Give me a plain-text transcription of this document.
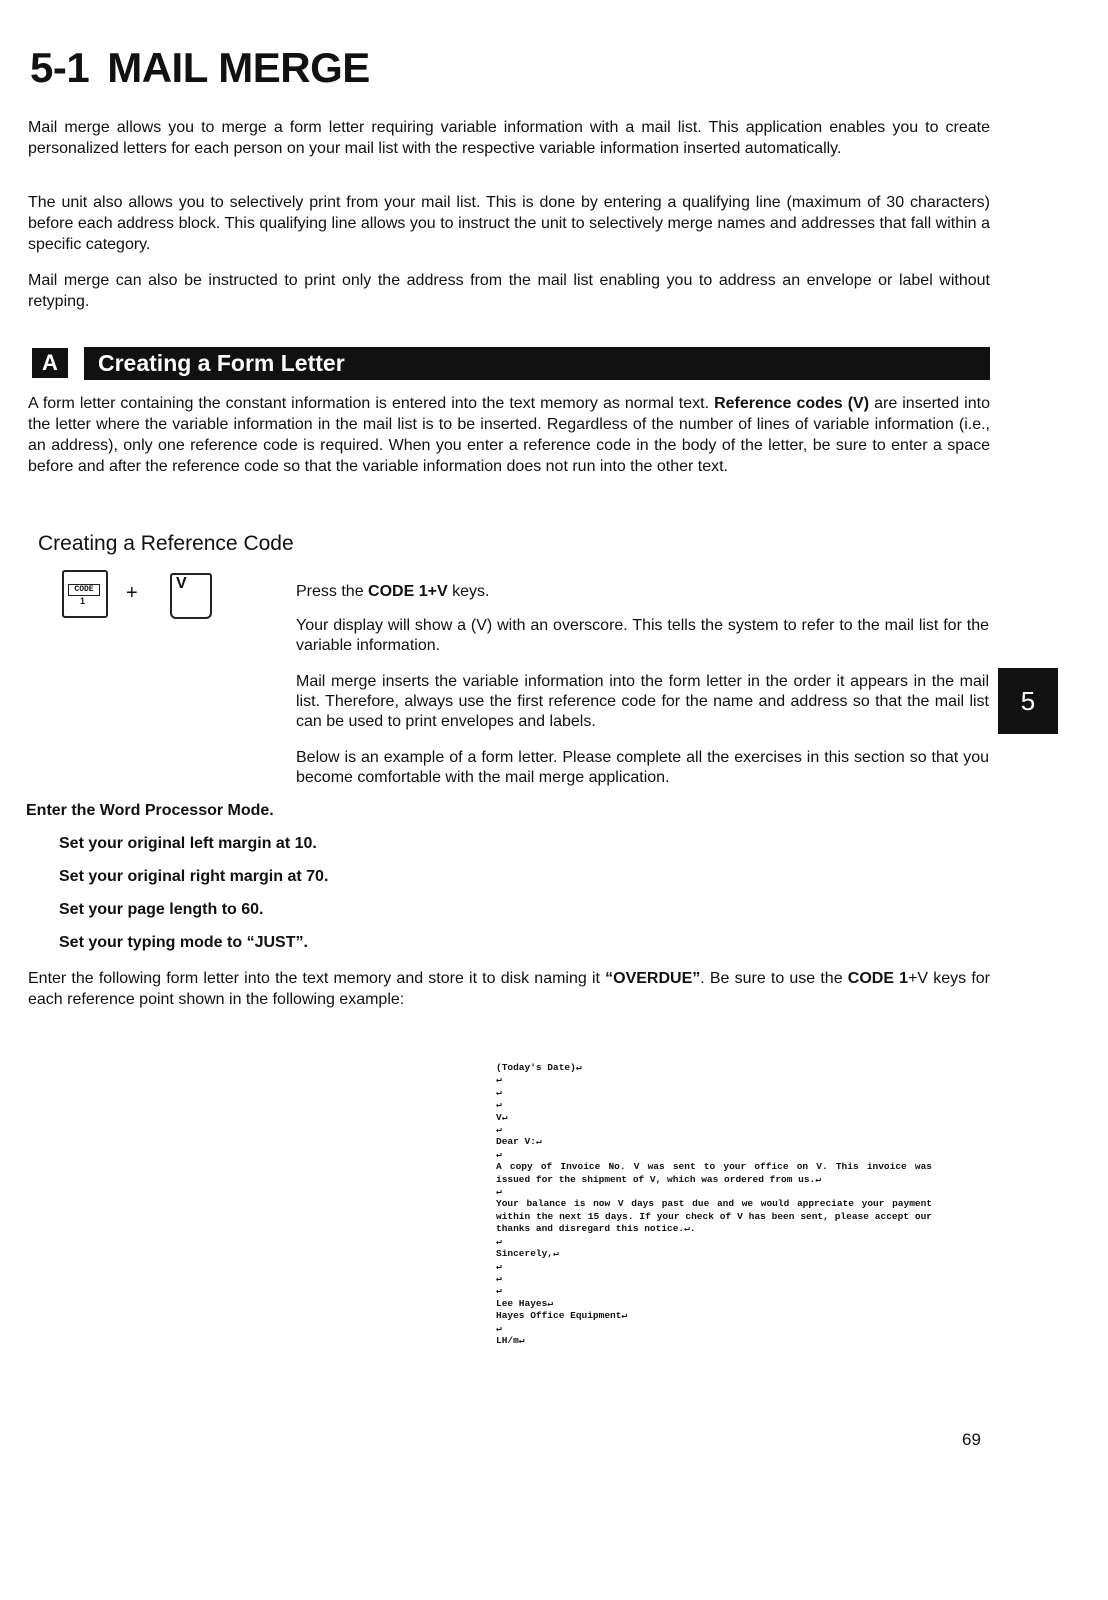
5-1 MAIL MERGE

Mail merge allows you to merge a form letter requiring variable information with a mail list. This application enables you to create personalized letters for each person on your mail list with the respective variable information inserted automatically.

The unit also allows you to selectively print from your mail list. This is done by entering a qualifying line (maximum of 30 characters) before each address block. This qualifying line allows you to instruct the unit to selectively merge names and addresses that fall within a specific category.

Mail merge can also be instructed to print only the address from the mail list enabling you to address an envelope or label without retyping.

A	Creating a Form Letter

A form letter containing the constant information is entered into the text memory as normal text. Reference codes (V) are inserted into the letter where the variable information in the mail list is to be inserted. Regardless of the number of lines of variable information (i.e., an address), only one reference code is required. When you enter a reference code in the body of the letter, be sure to enter a space before and after the reference code so that the variable information does not run into the other text.

Creating a Reference Code
CODE
1 + V	Press the CODE 1+V keys.

Your display will show a (V) with an overscore. This tells the system to refer to the mail list for the variable information.

Mail merge inserts the variable information into the form letter in the order it appears in the mail list. Therefore, always use the first reference code for the name and address so that the mail list can be used to print envelopes and labels.

Below is an example of a form letter. Please complete all the exercises in this section so that you become comfortable with the mail merge application.

5

Enter the Word Processor Mode.

Set your original left margin at 10.

Set your original right margin at 70.

Set your page length to 60.

Set your typing mode to “JUST”.

Enter the following form letter into the text memory and store it to disk naming it “OVERDUE”. Be sure to use the CODE 1+V keys for each reference point shown in the following example:

(Today's Date)↵
↵
↵
↵
V↵
↵
Dear V:↵
↵
A copy of Invoice No. V was sent to your office on V. This invoice was issued for the shipment of V, which was ordered from us.↵
↵
Your balance is now V days past due and we would appreciate your payment within the next 15 days. If your check of V has been sent, please accept our thanks and disregard this notice.↵.
↵
Sincerely,↵
↵
↵
↵
Lee Hayes↵
Hayes Office Equipment↵
↵
LH/m↵
69
